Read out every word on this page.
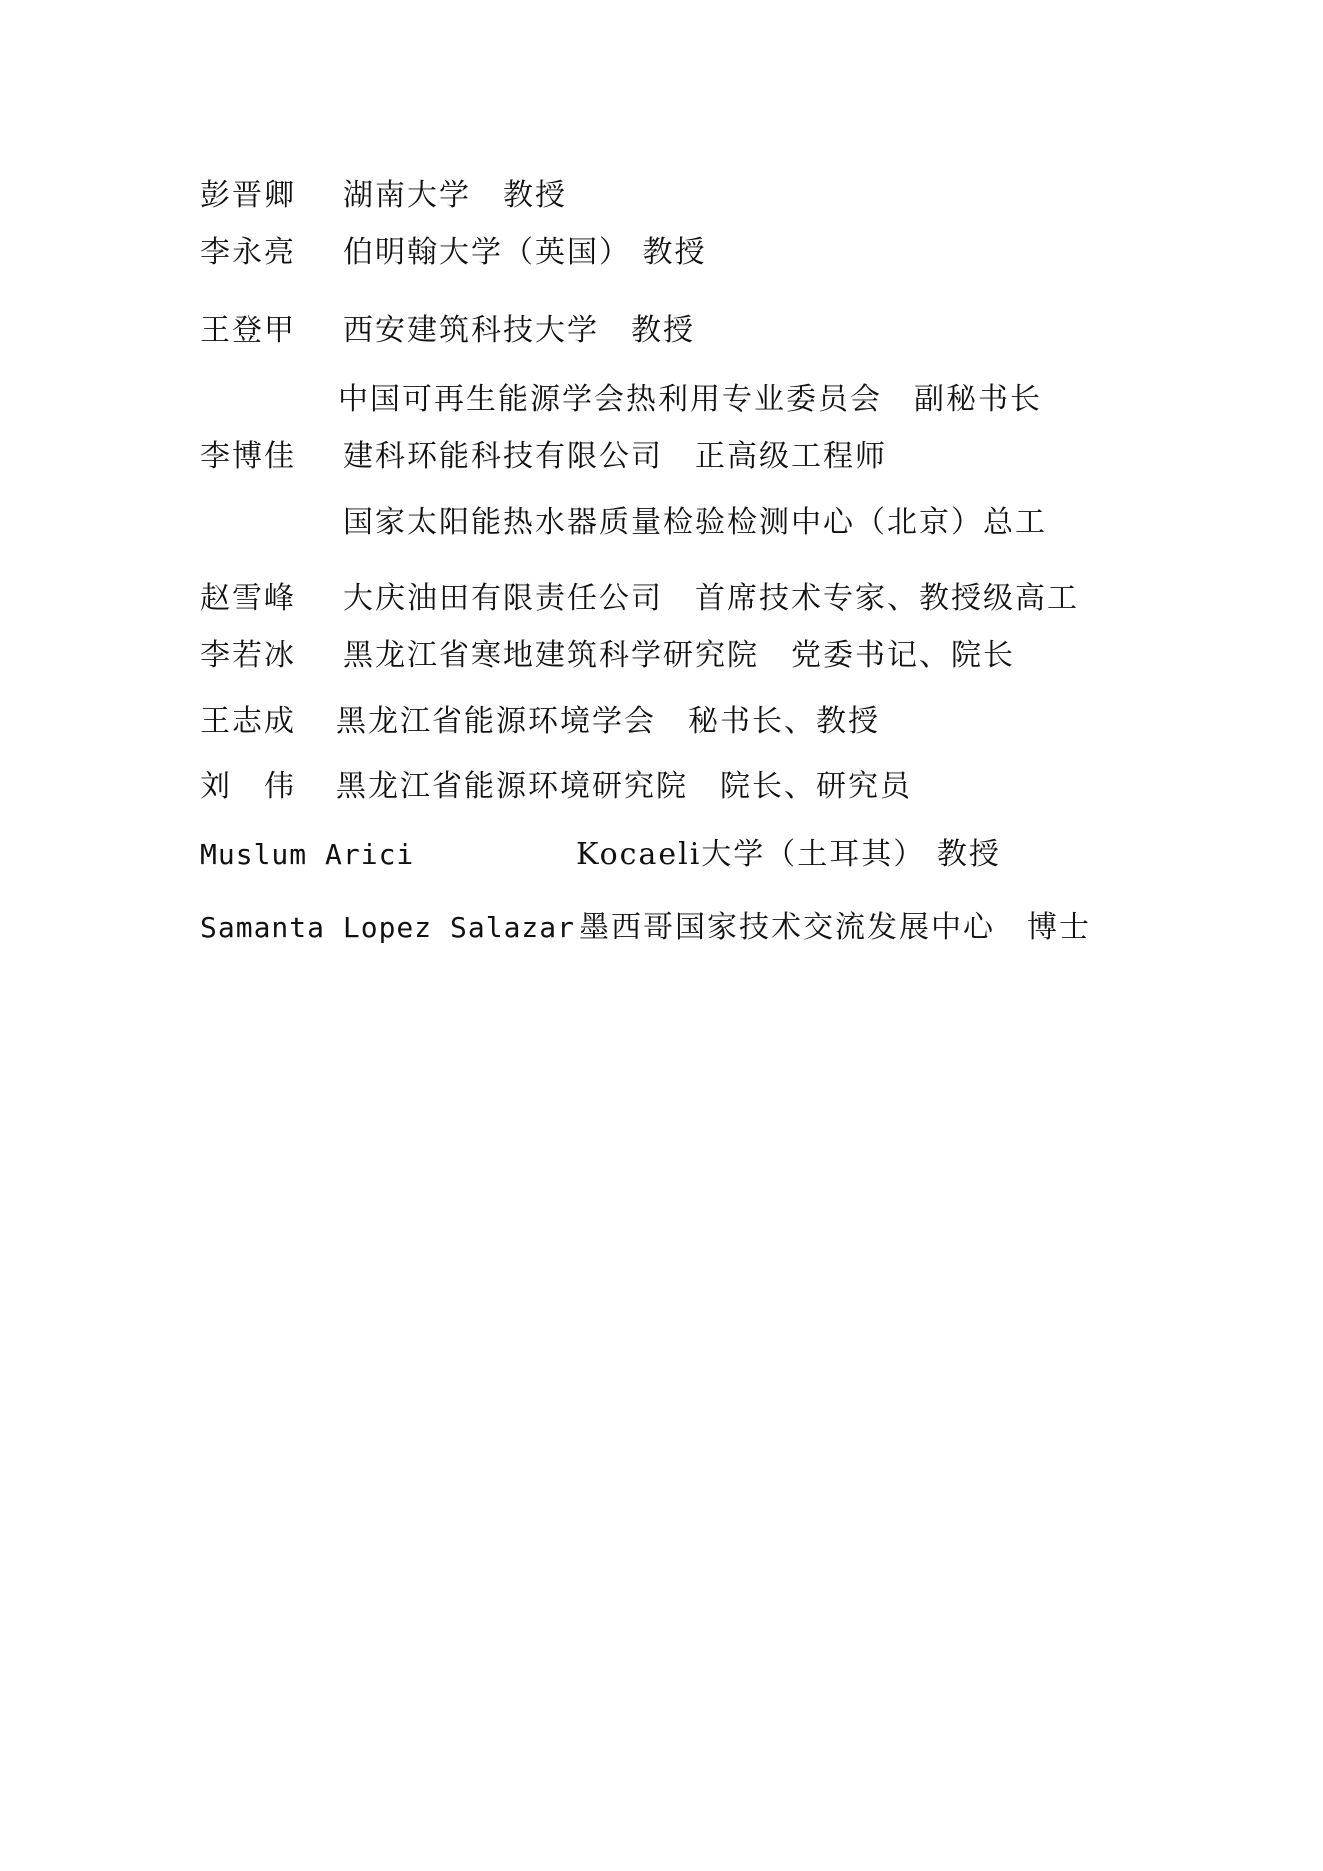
彭晋卿 湖南大学　教授
李永亮 伯明翰大学（英国） 教授
王登甲 西安建筑科技大学　教授
中国可再生能源学会热利用专业委员会　副秘书长
李博佳 建科环能科技有限公司　正高级工程师
国家太阳能热水器质量检验检测中心（北京）总工
赵雪峰 大庆油田有限责任公司　首席技术专家、教授级高工
李若冰 黑龙江省寒地建筑科学研究院　党委书记、院长
王志成 黑龙江省能源环境学会　秘书长、教授
刘　伟 黑龙江省能源环境研究院　院长、研究员
Muslum Arici	Kocaeli大学（土耳其） 教授
Samanta Lopez Salazar 墨西哥国家技术交流发展中心　博士
